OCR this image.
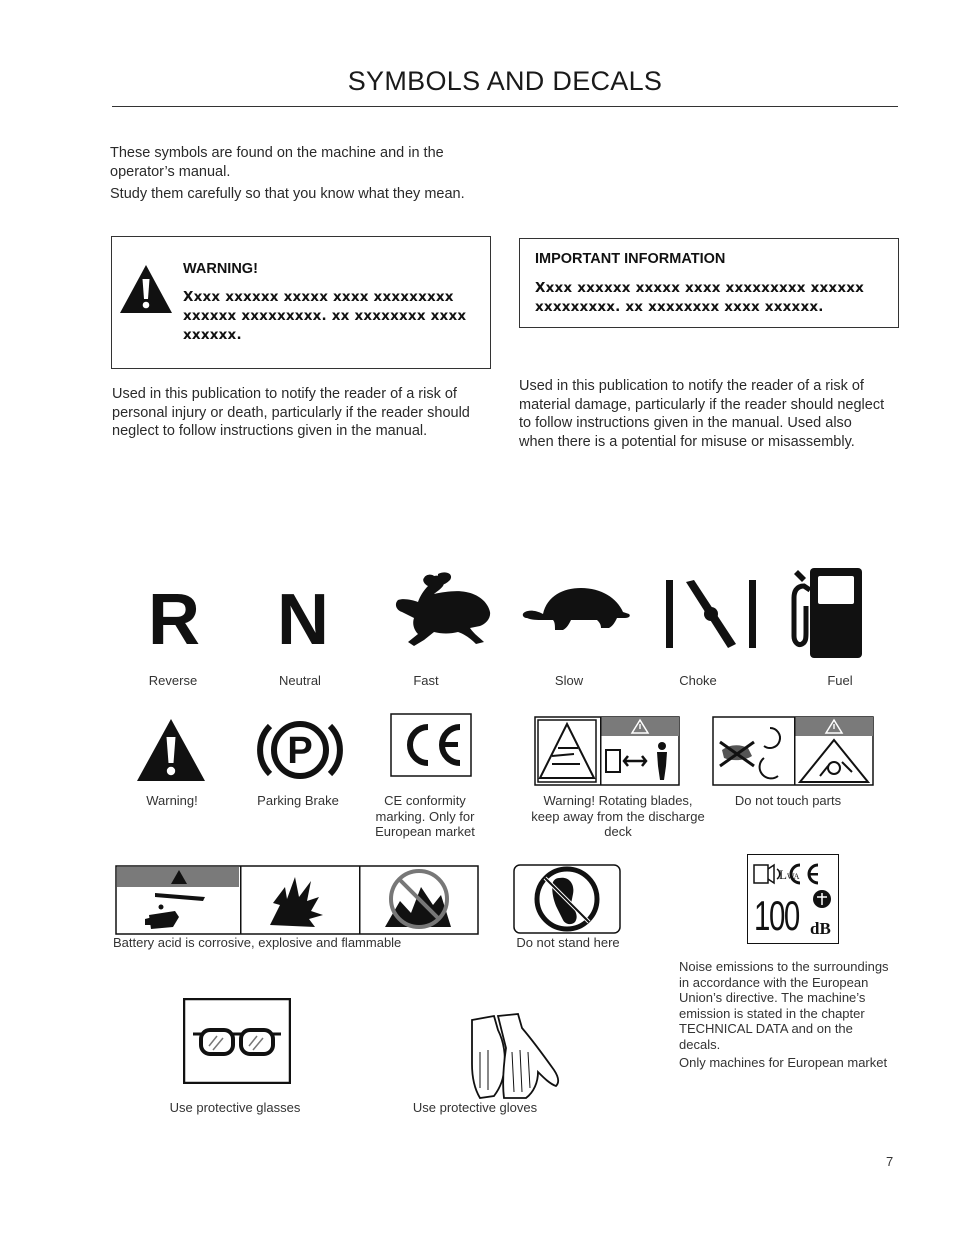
SYMBOLS AND DECALS
These symbols are found on the machine and in the operator’s manual.
Study them carefully so that you know what they mean.
WARNING!
Xxxx xxxxxx xxxxx xxxx xxxxxxxxx xxxxxx xxxxxxxxx. xx xxxxxxxx xxxx xxxxxx.
Used in this publication to notify the reader of a risk of personal injury or death, particularly if the reader should neglect to follow instructions given in the manual.
IMPORTANT INFORMATION
Xxxx xxxxxx xxxxx xxxx xxxxxxxxx xxxxxx xxxxxxxxx. xx xxxxxxxx xxxx xxxxxx.
Used in this publication to notify the reader of a risk of material damage, particularly if the reader should neglect to follow instructions given in the manual. Used also when there is a potential for misuse or misassembly.
R
Reverse
N
Neutral	Fast	Slow	Choke	Fuel
Warning!
P
Parking Brake	CE conformity marking. Only for European market
Warning! Rotating blades, keep away from the discharge deck
Do not touch parts
Battery acid is corrosive, explosive and flammable	Do not stand here
LWA
100 dB
Noise emissions to the surroundings in accordance with the European Union’s directive. The machine’s emission is stated in the chapter TECHNICAL DATA and on the decals.
Only machines for European market
Use protective glasses	Use protective gloves
7
